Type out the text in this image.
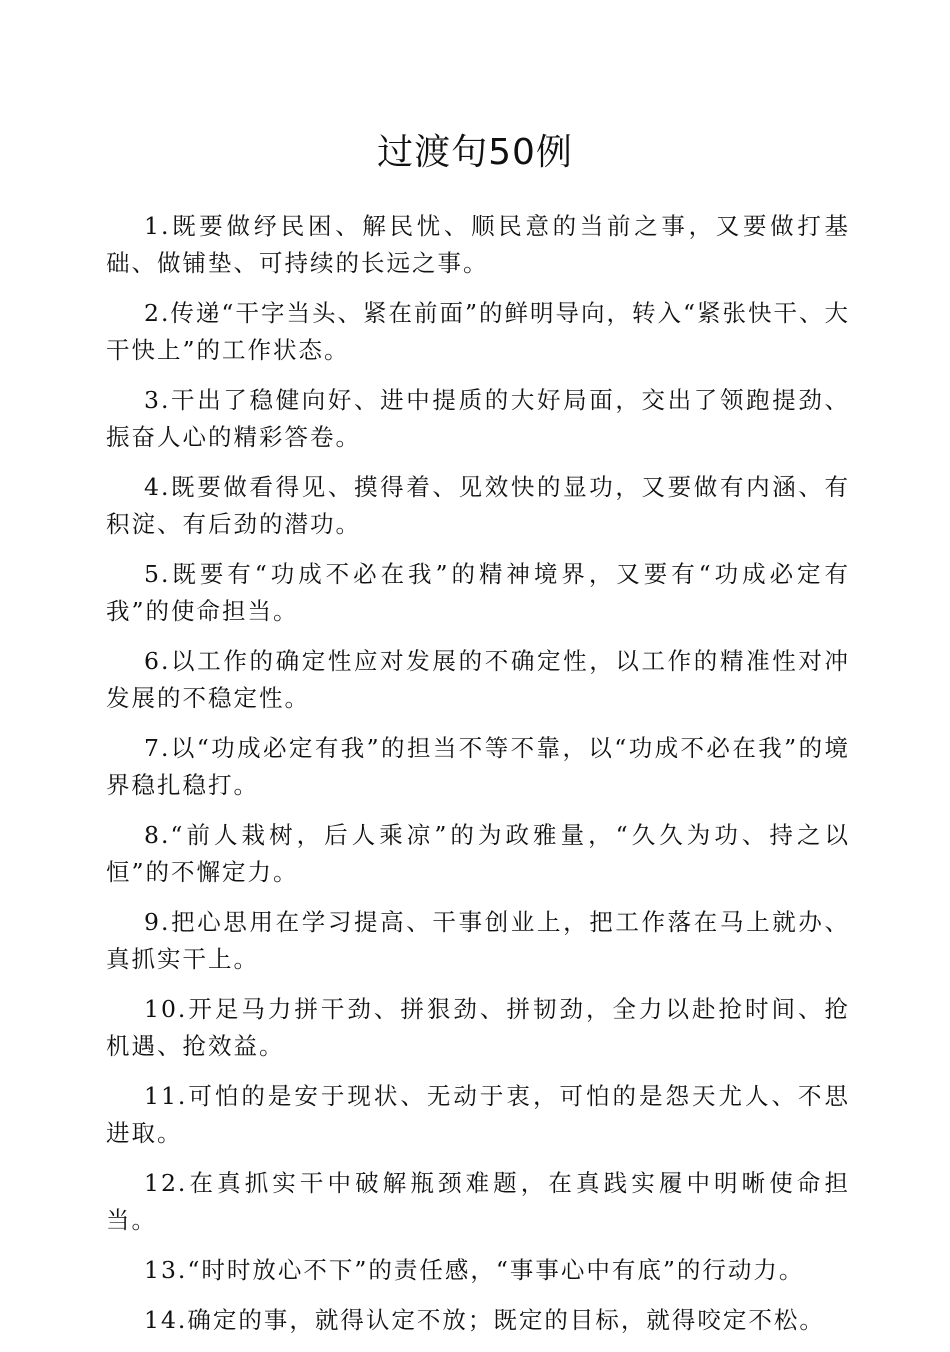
过渡句50例

1.既要做纾民困、解民忧、顺民意的当前之事，又要做打基础、做铺垫、可持续的长远之事。

2.传递“干字当头、紧在前面”的鲜明导向，转入“紧张快干、大干快上”的工作状态。

3.干出了稳健向好、进中提质的大好局面，交出了领跑提劲、振奋人心的精彩答卷。

4.既要做看得见、摸得着、见效快的显功，又要做有内涵、有积淀、有后劲的潜功。

5.既要有“功成不必在我”的精神境界，又要有“功成必定有我”的使命担当。

6.以工作的确定性应对发展的不确定性，以工作的精准性对冲发展的不稳定性。

7.以“功成必定有我”的担当不等不靠，以“功成不必在我”的境界稳扎稳打。

8.“前人栽树，后人乘凉”的为政雅量，“久久为功、持之以恒”的不懈定力。

9.把心思用在学习提高、干事创业上，把工作落在马上就办、真抓实干上。

10.开足马力拼干劲、拼狠劲、拼韧劲，全力以赴抢时间、抢机遇、抢效益。

11.可怕的是安于现状、无动于衷，可怕的是怨天尤人、不思进取。

12.在真抓实干中破解瓶颈难题，在真践实履中明晰使命担当。

13.“时时放心不下”的责任感，“事事心中有底”的行动力。

14.确定的事，就得认定不放；既定的目标，就得咬定不松。
